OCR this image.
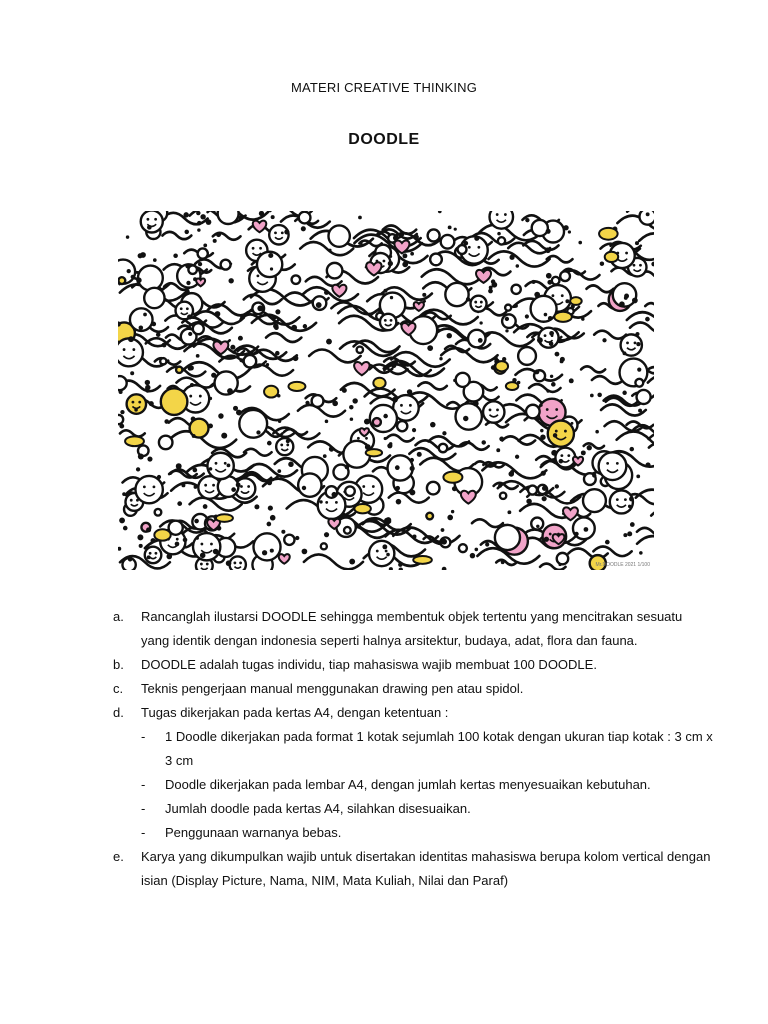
MATERI CREATIVE THINKING
DOODLE
Mr.DOODLE 2021 1/100
a.	Rancanglah ilustarsi DOODLE sehingga membentuk objek tertentu yang mencitrakan sesuatu yang identik dengan indonesia seperti halnya arsitektur, budaya, adat, flora dan fauna.
b.	DOODLE adalah tugas individu, tiap mahasiswa wajib membuat 100 DOODLE.
c.	Teknis pengerjaan manual menggunakan drawing pen atau spidol.
d.	Tugas dikerjakan pada kertas A4, dengan ketentuan :
- 1 Doodle dikerjakan pada format 1 kotak sejumlah 100 kotak dengan ukuran tiap kotak : 3 cm x 3 cm
- Doodle dikerjakan pada lembar A4, dengan jumlah kertas menyesuaikan kebutuhan.
- Jumlah doodle pada kertas A4, silahkan disesuaikan.
- Penggunaan warnanya bebas.
e.	Karya yang dikumpulkan wajib untuk disertakan identitas mahasiswa berupa kolom vertical dengan isian (Display Picture, Nama, NIM, Mata Kuliah, Nilai dan Paraf)
